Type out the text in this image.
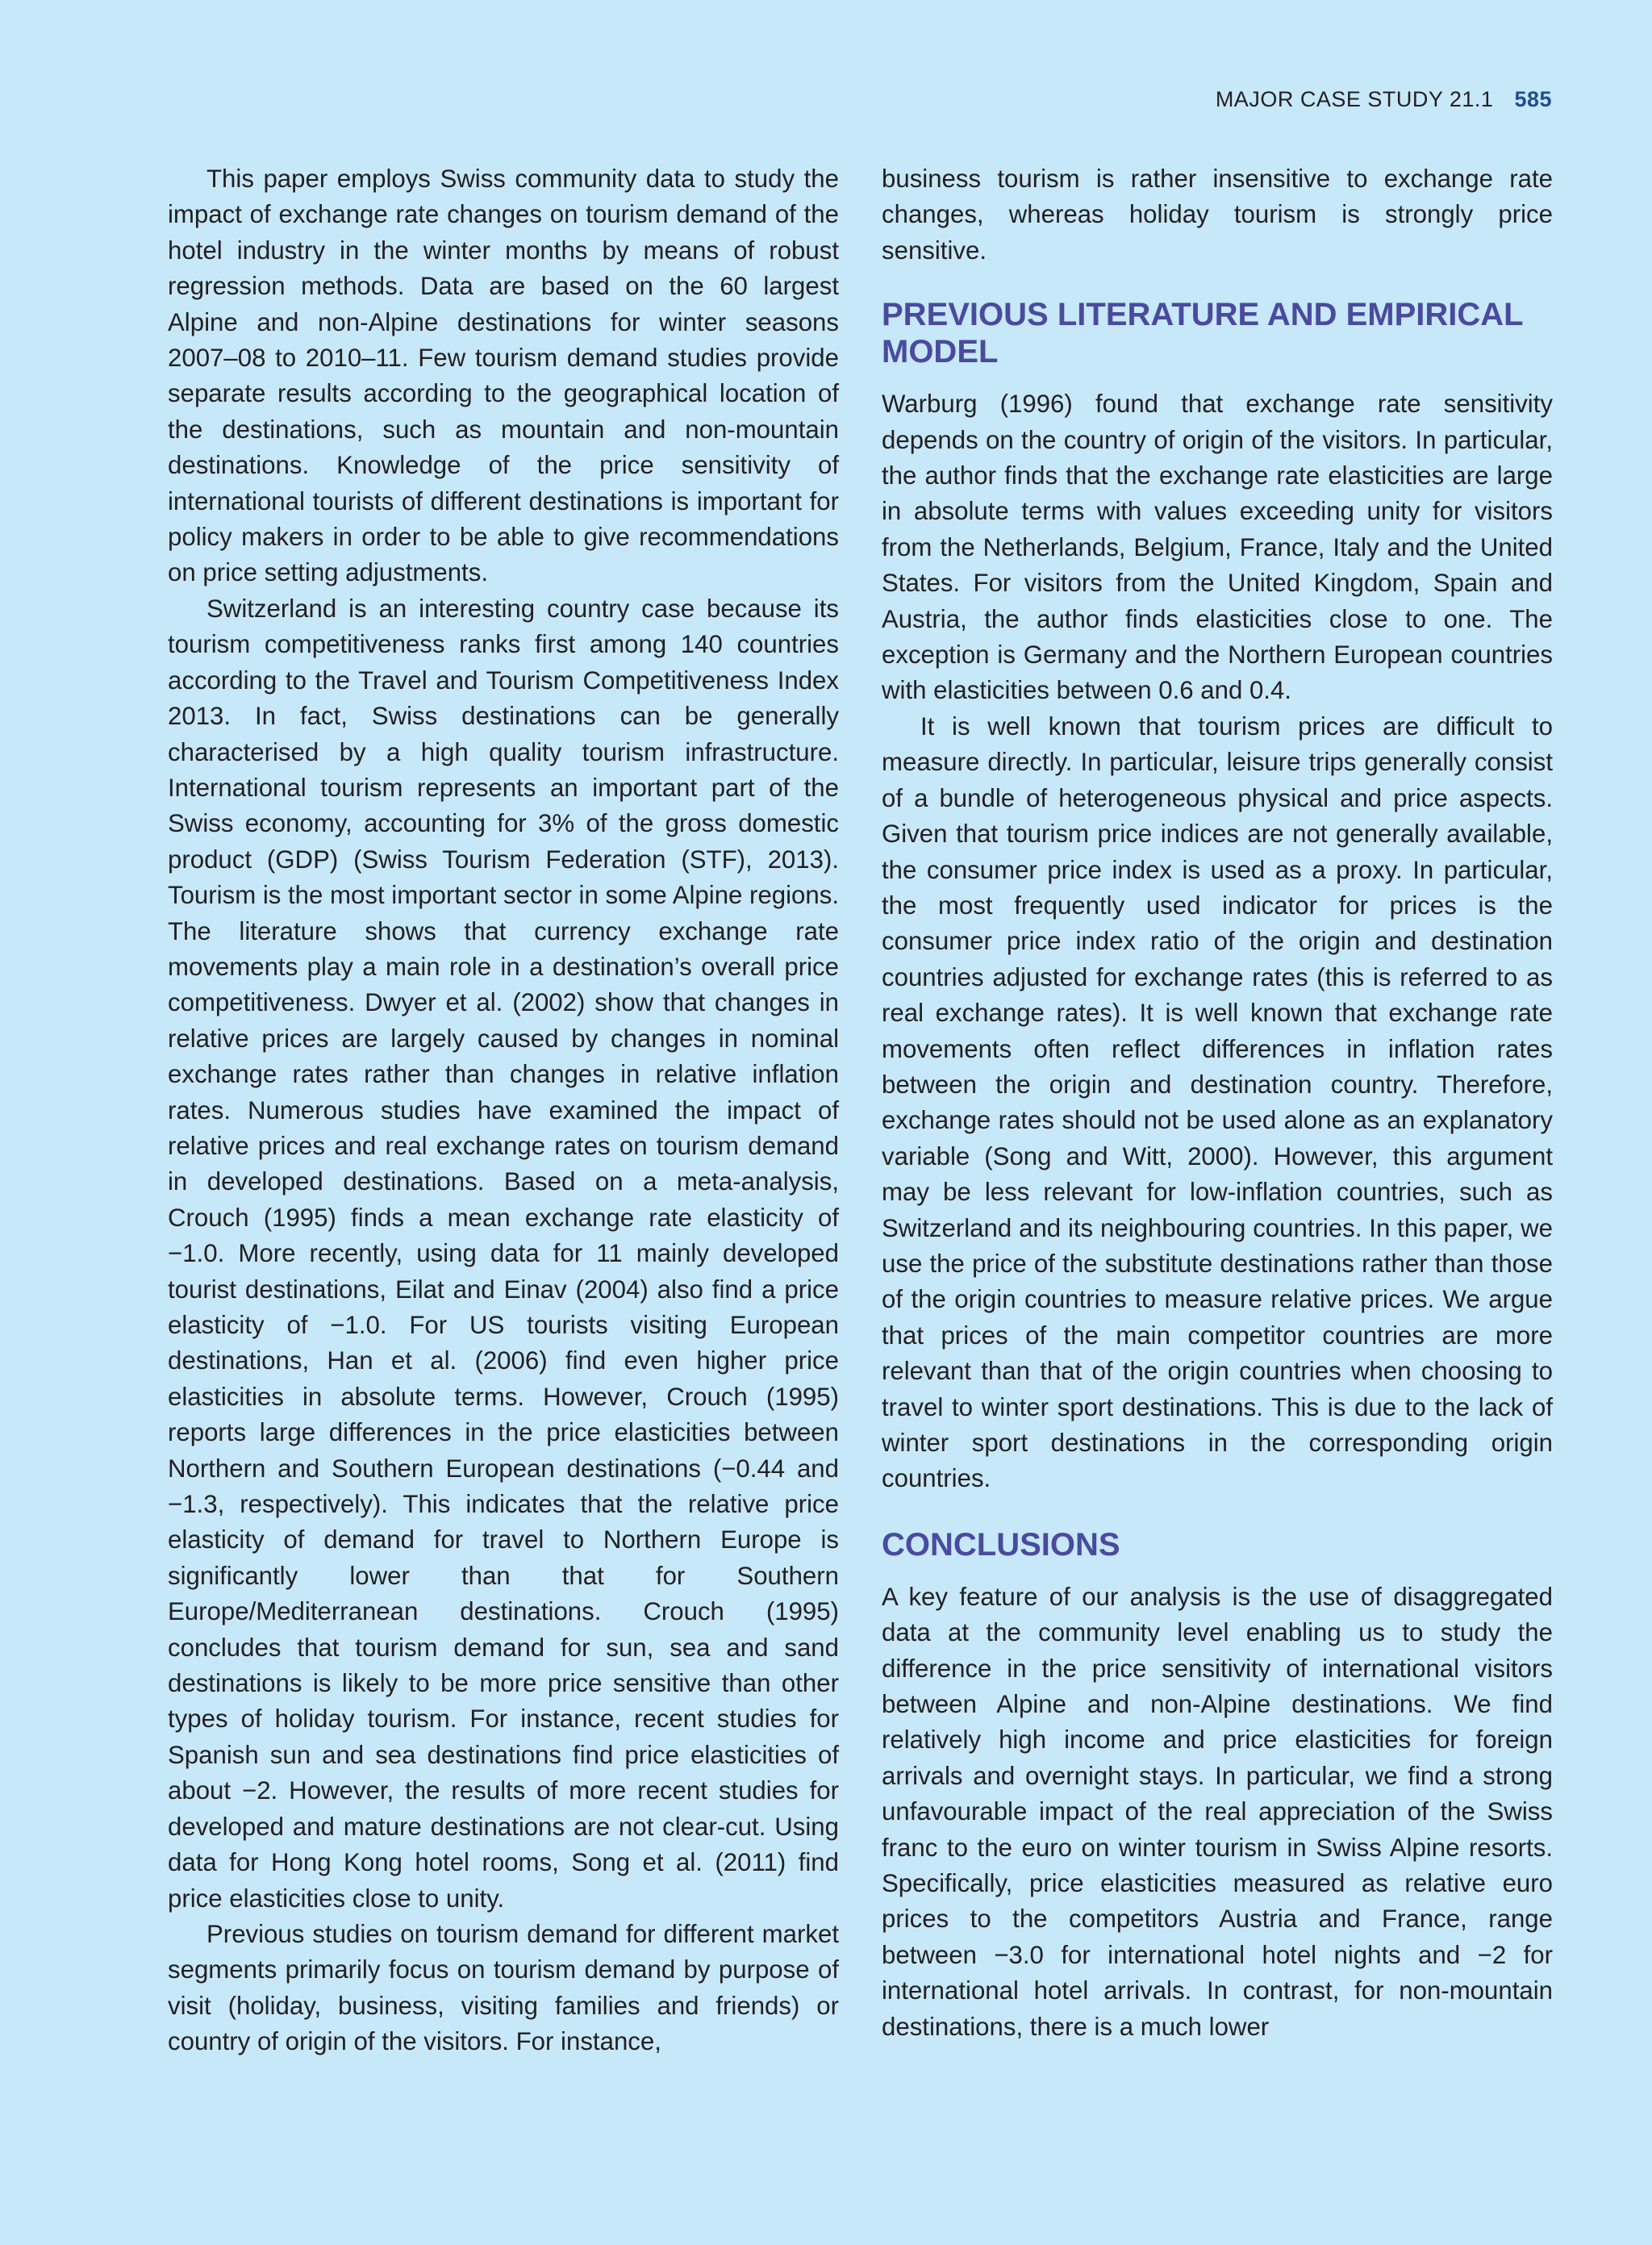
MAJOR CASE STUDY 21.1 585

This paper employs Swiss community data to study the impact of exchange rate changes on tourism demand of the hotel industry in the winter months by means of robust regression methods. Data are based on the 60 largest Alpine and non-Alpine destinations for winter seasons 2007–08 to 2010–11. Few tourism demand studies provide separate results according to the geographical location of the destinations, such as mountain and non-mountain destinations. Knowledge of the price sensitivity of international tourists of different destinations is important for policy makers in order to be able to give recommendations on price setting adjustments.

Switzerland is an interesting country case because its tourism competitiveness ranks first among 140 countries according to the Travel and Tourism Competitiveness Index 2013. In fact, Swiss destinations can be generally characterised by a high quality tourism infrastructure. International tourism represents an important part of the Swiss economy, accounting for 3% of the gross domestic product (GDP) (Swiss Tourism Federation (STF), 2013). Tourism is the most important sector in some Alpine regions. The literature shows that currency exchange rate movements play a main role in a destination’s overall price competitiveness. Dwyer et al. (2002) show that changes in relative prices are largely caused by changes in nominal exchange rates rather than changes in relative inflation rates. Numerous studies have examined the impact of relative prices and real exchange rates on tourism demand in developed destinations. Based on a meta-analysis, Crouch (1995) finds a mean exchange rate elasticity of −1.0. More recently, using data for 11 mainly developed tourist destinations, Eilat and Einav (2004) also find a price elasticity of −1.0. For US tourists visiting European destinations, Han et al. (2006) find even higher price elasticities in absolute terms. However, Crouch (1995) reports large differences in the price elasticities between Northern and Southern European destinations (−0.44 and −1.3, respectively). This indicates that the relative price elasticity of demand for travel to Northern Europe is significantly lower than that for Southern Europe/Mediterranean destinations. Crouch (1995) concludes that tourism demand for sun, sea and sand destinations is likely to be more price sensitive than other types of holiday tourism. For instance, recent studies for Spanish sun and sea destinations find price elasticities of about −2. However, the results of more recent studies for developed and mature destinations are not clear-cut. Using data for Hong Kong hotel rooms, Song et al. (2011) find price elasticities close to unity.

Previous studies on tourism demand for different market segments primarily focus on tourism demand by purpose of visit (holiday, business, visiting families and friends) or country of origin of the visitors. For instance,

business tourism is rather insensitive to exchange rate changes, whereas holiday tourism is strongly price sensitive.

PREVIOUS LITERATURE AND EMPIRICAL MODEL

Warburg (1996) found that exchange rate sensitivity depends on the country of origin of the visitors. In particular, the author finds that the exchange rate elasticities are large in absolute terms with values exceeding unity for visitors from the Netherlands, Belgium, France, Italy and the United States. For visitors from the United Kingdom, Spain and Austria, the author finds elasticities close to one. The exception is Germany and the Northern European countries with elasticities between 0.6 and 0.4.

It is well known that tourism prices are difficult to measure directly. In particular, leisure trips generally consist of a bundle of heterogeneous physical and price aspects. Given that tourism price indices are not generally available, the consumer price index is used as a proxy. In particular, the most frequently used indicator for prices is the consumer price index ratio of the origin and destination countries adjusted for exchange rates (this is referred to as real exchange rates). It is well known that exchange rate movements often reflect differences in inflation rates between the origin and destination country. Therefore, exchange rates should not be used alone as an explanatory variable (Song and Witt, 2000). However, this argument may be less relevant for low-inflation countries, such as Switzerland and its neighbouring countries. In this paper, we use the price of the substitute destinations rather than those of the origin countries to measure relative prices. We argue that prices of the main competitor countries are more relevant than that of the origin countries when choosing to travel to winter sport destinations. This is due to the lack of winter sport destinations in the corresponding origin countries.

CONCLUSIONS

A key feature of our analysis is the use of disaggregated data at the community level enabling us to study the difference in the price sensitivity of international visitors between Alpine and non-Alpine destinations. We find relatively high income and price elasticities for foreign arrivals and overnight stays. In particular, we find a strong unfavourable impact of the real appreciation of the Swiss franc to the euro on winter tourism in Swiss Alpine resorts. Specifically, price elasticities measured as relative euro prices to the competitors Austria and France, range between −3.0 for international hotel nights and −2 for international hotel arrivals. In contrast, for non-mountain destinations, there is a much lower
